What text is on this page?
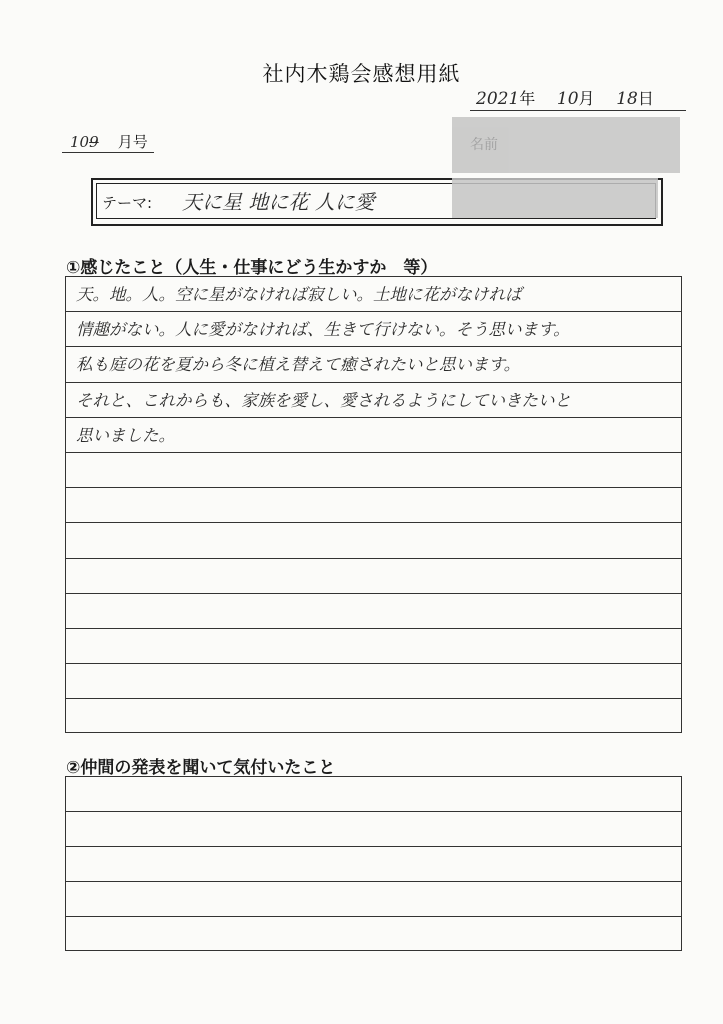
社内木鶏会感想用紙
2021年 10月 18日
109 月号	名前
テーマ: 天に星 地に花 人に愛
①感じたこと（人生・仕事にどう生かすか　等）
天。地。人。空に星がなければ寂しい。土地に花がなければ
情趣がない。人に愛がなければ、生きて行けない。そう思います。
私も庭の花を夏から冬に植え替えて癒されたいと思います。
それと、これからも、家族を愛し、愛されるようにしていきたいと
思いました。
②仲間の発表を聞いて気付いたこと
